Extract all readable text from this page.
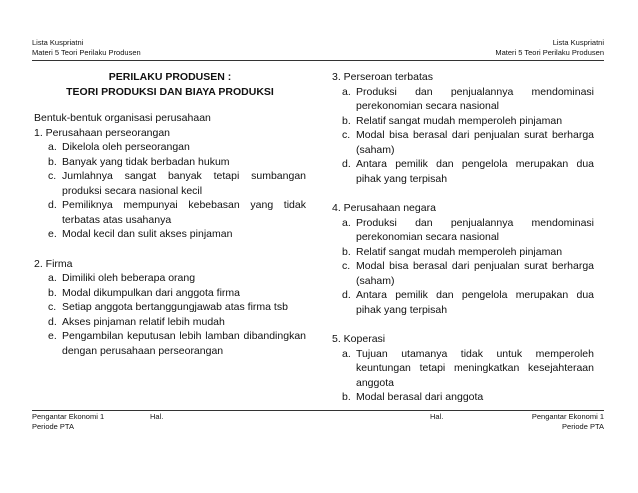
Lista Kuspriatni
Materi 5 Teori Perilaku Produsen
Lista Kuspriatni
Materi 5 Teori Perilaku Produsen
PERILAKU PRODUSEN :
TEORI PRODUKSI DAN BIAYA PRODUKSI

Bentuk-bentuk organisasi perusahaan

1. Perusahaan perseorangan

a. Dikelola oleh perseorangan
b. Banyak yang tidak berbadan hukum
c. Jumlahnya sangat banyak tetapi sumbangan produksi secara nasional kecil
d. Pemiliknya mempunyai kebebasan yang tidak terbatas atas usahanya
e. Modal kecil dan sulit akses pinjaman

2. Firma

a. Dimiliki oleh beberapa orang
b. Modal dikumpulkan dari anggota firma
c. Setiap anggota bertanggungjawab atas firma tsb
d. Akses pinjaman relatif lebih mudah
e. Pengambilan keputusan lebih lamban dibandingkan dengan perusahaan perseorangan

3. Perseroan terbatas

a. Produksi dan penjualannya mendominasi perekonomian secara nasional
b. Relatif sangat mudah memperoleh pinjaman
c. Modal bisa berasal dari penjualan surat berharga (saham)
d. Antara pemilik dan pengelola merupakan dua pihak yang terpisah

4. Perusahaan negara

a. Produksi dan penjualannya mendominasi perekonomian secara nasional
b. Relatif sangat mudah memperoleh pinjaman
c. Modal bisa berasal dari penjualan surat berharga (saham)
d. Antara pemilik dan pengelola merupakan dua pihak yang terpisah

5. Koperasi

a. Tujuan utamanya tidak untuk memperoleh keuntungan tetapi meningkatkan kesejahteraan anggota
b. Modal berasal dari anggota
Pengantar Ekonomi 1
Periode PTA
Hal.	Hal.	Pengantar Ekonomi 1
Periode PTA
